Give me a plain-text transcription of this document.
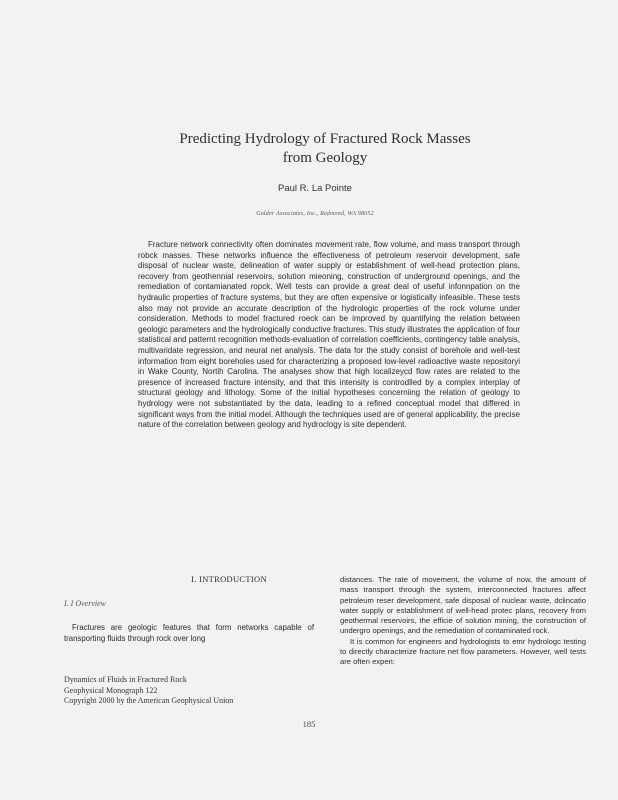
Predicting Hydrology of Fractured Rock Masses
from Geology
Paul R. La Pointe
Golder Associates, Inc., Redmond, WA 98052

Fracture network connectivity often dominates movement rate, flow volume, and mass transport through robck masses. These networks influence the effectiveness of petroleum reservoir development, safe disposal of nuclear waste, delineation of water supply or establishment of well-head protection plans, recovery from geothennial reservoirs, solution mieoning, construction of underground openings, and the remediation of contamianated ropck. Well tests can provide a great deal of useful infonnpation on the hydraulic properties of fracture systems, but they are often expensive or logistically infeasible. These tests also may not provide an accurate description of the hydrologic properties of the rock volume under consideration. Methods to model fractured roeck can be improved by quantifying the relation between geologic parameters and the hydrologically conductive fractures. This study illustrates the application of four statistical and patternt recognition methods-evaluation of correlation coefficients, contingency table analysis, multivaridate regression, and neural net analysis. The data for the study consist of borehole and well-test information from eight boreholes used for characterizing a proposed low-level radioactive waste repositoryi in Wake County, Nortih Carolina. The analyses show that high localizeycd flow rates are related to the presence of increased fracture intensity, and that this intensity is controdlled by a complex interplay of structural geology and lithology. Some of the initial hypotheses concerniing the relation of geology to hydrology were not substantiated by the data, leading to a refined conceptual model that differed in significant ways from the initial model. Although the techniques used are of general applicability, the precise nature of the correlation between geology and hydroclogy is site dependent.

I. INTRODUCTION
I. I Overview

Fractures are geologic features that form networks capable of transporting fluids through rock over long

Dynamics of Fluids in Fractured Rock
Geophysical Monograph 122
Copyright 2000 by the American Geophysical Union

distances. The rate of movement, the volume of now, the amount of mass transport through the system, interconnected fractures affect petroleum reser development, safe disposal of nuclear waste, dclincatio water supply or establishment of well-head protec plans, recovery from geothermal reservoirs, the efficie of solution mining, the construction of undergro openings, and the remediation of contaminated rock.

It is common for engineers and hydrologists to emr hydrologc testing to directly characterize fracture net flow parameters. However, well tests are often expen:

185
